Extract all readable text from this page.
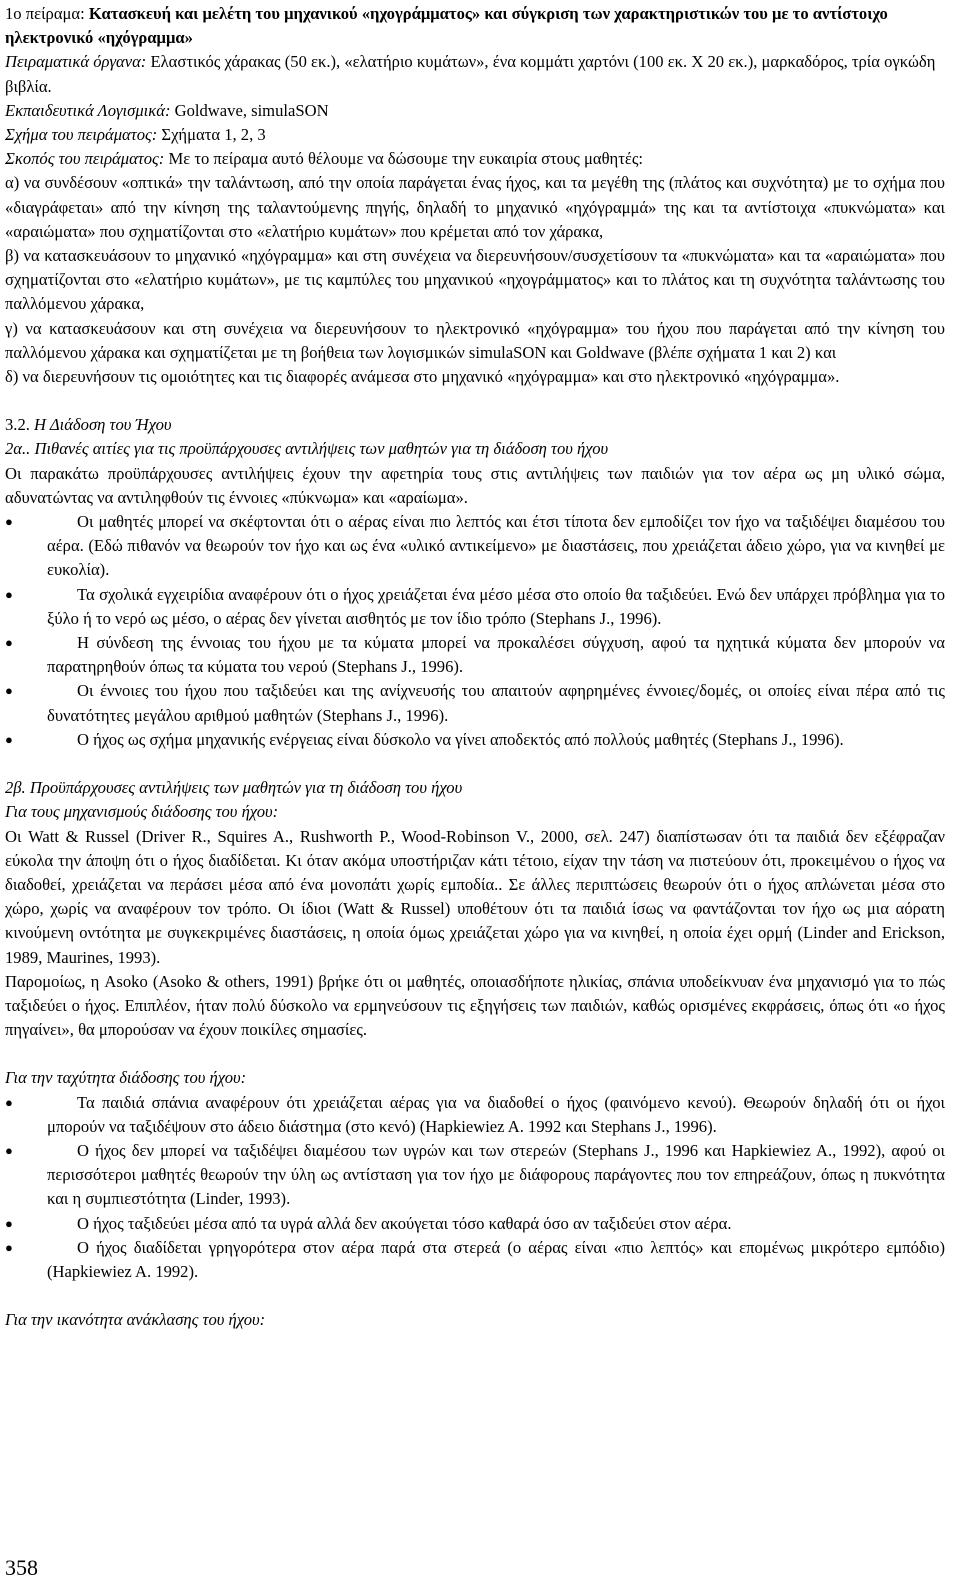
1ο πείραμα: Κατασκευή και μελέτη του μηχανικού «ηχογράμματος» και σύγκριση των χαρακτηριστικών του με το αντίστοιχο ηλεκτρονικό «ηχόγραμμα»

Πειραματικά όργανα: Ελαστικός χάρακας (50 εκ.), «ελατήριο κυμάτων», ένα κομμάτι χαρτόνι (100 εκ. Χ 20 εκ.), μαρκαδόρος, τρία ογκώδη βιβλία.

Εκπαιδευτικά Λογισμικά: Goldwave, simulaSON

Σχήμα του πειράματος: Σχήματα 1, 2, 3

Σκοπός του πειράματος: Με το πείραμα αυτό θέλουμε να δώσουμε την ευκαιρία στους μαθητές:

α) να συνδέσουν «οπτικά» την ταλάντωση, από την οποία παράγεται ένας ήχος, και τα μεγέθη της (πλάτος και συχνότητα) με το σχήμα που «διαγράφεται» από την κίνηση της ταλαντούμενης πηγής, δηλαδή το μηχανικό «ηχόγραμμά» της και τα αντίστοιχα «πυκνώματα» και «αραιώματα» που σχηματίζονται στο «ελατήριο κυμάτων» που κρέμεται από τον χάρακα,

β) να κατασκευάσουν το μηχανικό «ηχόγραμμα» και στη συνέχεια να διερευνήσουν/συσχετίσουν τα «πυκνώματα» και τα «αραιώματα» που σχηματίζονται στο «ελατήριο κυμάτων», με τις καμπύλες του μηχανικού «ηχογράμματος» και το πλάτος και τη συχνότητα ταλάντωσης του παλλόμενου χάρακα,

γ) να κατασκευάσουν και στη συνέχεια να διερευνήσουν το ηλεκτρονικό «ηχόγραμμα» του ήχου που παράγεται από την κίνηση του παλλόμενου χάρακα και σχηματίζεται με τη βοήθεια των λογισμικών simulaSON και Goldwave (βλέπε σχήματα 1 και 2) και

δ) να διερευνήσουν τις ομοιότητες και τις διαφορές ανάμεσα στο μηχανικό «ηχόγραμμα» και στο ηλεκτρονικό «ηχόγραμμα».

3.2. Η Διάδοση του Ήχου

2α.. Πιθανές αιτίες για τις προϋπάρχουσες αντιλήψεις των μαθητών για τη διάδοση του ήχου

Οι παρακάτω προϋπάρχουσες αντιλήψεις έχουν την αφετηρία τους στις αντιλήψεις των παιδιών για τον αέρα ως μη υλικό σώμα, αδυνατώντας να αντιληφθούν τις έννοιες «πύκνωμα» και «αραίωμα».

●	Οι μαθητές μπορεί να σκέφτονται ότι ο αέρας είναι πιο λεπτός και έτσι τίποτα δεν εμποδίζει τον ήχο να ταξιδέψει διαμέσου του αέρα. (Εδώ πιθανόν να θεωρούν τον ήχο και ως ένα «υλικό αντικείμενο» με διαστάσεις, που χρειάζεται άδειο χώρο, για να κινηθεί με ευκολία).
●	Τα σχολικά εγχειρίδια αναφέρουν ότι ο ήχος χρειάζεται ένα μέσο μέσα στο οποίο θα ταξιδεύει. Ενώ δεν υπάρχει πρόβλημα για το ξύλο ή το νερό ως μέσο, ο αέρας δεν γίνεται αισθητός με τον ίδιο τρόπο (Stephans J., 1996).
●	Η σύνδεση της έννοιας του ήχου με τα κύματα μπορεί να προκαλέσει σύγχυση, αφού τα ηχητικά κύματα δεν μπορούν να παρατηρηθούν όπως τα κύματα του νερού (Stephans J., 1996).
●	Οι έννοιες του ήχου που ταξιδεύει και της ανίχνευσής του απαιτούν αφηρημένες έννοιες/δομές, οι οποίες είναι πέρα από τις δυνατότητες μεγάλου αριθμού μαθητών (Stephans J., 1996).
●	Ο ήχος ως σχήμα μηχανικής ενέργειας είναι δύσκολο να γίνει αποδεκτός από πολλούς μαθητές (Stephans J., 1996).

2β. Προϋπάρχουσες αντιλήψεις των μαθητών για τη διάδοση του ήχου

Για τους μηχανισμούς διάδοσης του ήχου:

Οι Watt & Russel (Driver R., Squires A., Rushworth P., Wood-Robinson V., 2000, σελ. 247) διαπίστωσαν ότι τα παιδιά δεν εξέφραζαν εύκολα την άποψη ότι ο ήχος διαδίδεται. Κι όταν ακόμα υποστήριζαν κάτι τέτοιο, είχαν την τάση να πιστεύουν ότι, προκειμένου ο ήχος να διαδοθεί, χρειάζεται να περάσει μέσα από ένα μονοπάτι χωρίς εμποδία.. Σε άλλες περιπτώσεις θεωρούν ότι ο ήχος απλώνεται μέσα στο χώρο, χωρίς να αναφέρουν τον τρόπο. Οι ίδιοι (Watt & Russel) υποθέτουν ότι τα παιδιά ίσως να φαντάζονται τον ήχο ως μια αόρατη κινούμενη οντότητα με συγκεκριμένες διαστάσεις, η οποία όμως χρειάζεται χώρο για να κινηθεί, η οποία έχει ορμή (Linder and Erickson, 1989, Maurines, 1993).

Παρομοίως, η Asoko (Asoko & others, 1991) βρήκε ότι οι μαθητές, οποιασδήποτε ηλικίας, σπάνια υποδείκνυαν ένα μηχανισμό για το πώς ταξιδεύει ο ήχος. Επιπλέον, ήταν πολύ δύσκολο να ερμηνεύσουν τις εξηγήσεις των παιδιών, καθώς ορισμένες εκφράσεις, όπως ότι «ο ήχος πηγαίνει», θα μπορούσαν να έχουν ποικίλες σημασίες.

Για την ταχύτητα διάδοσης του ήχου:

●	Τα παιδιά σπάνια αναφέρουν ότι χρειάζεται αέρας για να διαδοθεί ο ήχος (φαινόμενο κενού). Θεωρούν δηλαδή ότι οι ήχοι μπορούν να ταξιδέψουν στο άδειο διάστημα (στο κενό) (Hapkiewiez A. 1992 και Stephans J., 1996).
●	Ο ήχος δεν μπορεί να ταξιδέψει διαμέσου των υγρών και των στερεών (Stephans J., 1996 και Hapkiewiez A., 1992), αφού οι περισσότεροι μαθητές θεωρούν την ύλη ως αντίσταση για τον ήχο με διάφορους παράγοντες που τον επηρεάζουν, όπως η πυκνότητα και η συμπιεστότητα (Linder, 1993).
●	Ο ήχος ταξιδεύει μέσα από τα υγρά αλλά δεν ακούγεται τόσο καθαρά όσο αν ταξιδεύει στον αέρα.
●	Ο ήχος διαδίδεται γρηγορότερα στον αέρα παρά στα στερεά (ο αέρας είναι «πιο λεπτός» και επομένως μικρότερο εμπόδιο) (Hapkiewiez A. 1992).

Για την ικανότητα ανάκλασης του ήχου:

358
